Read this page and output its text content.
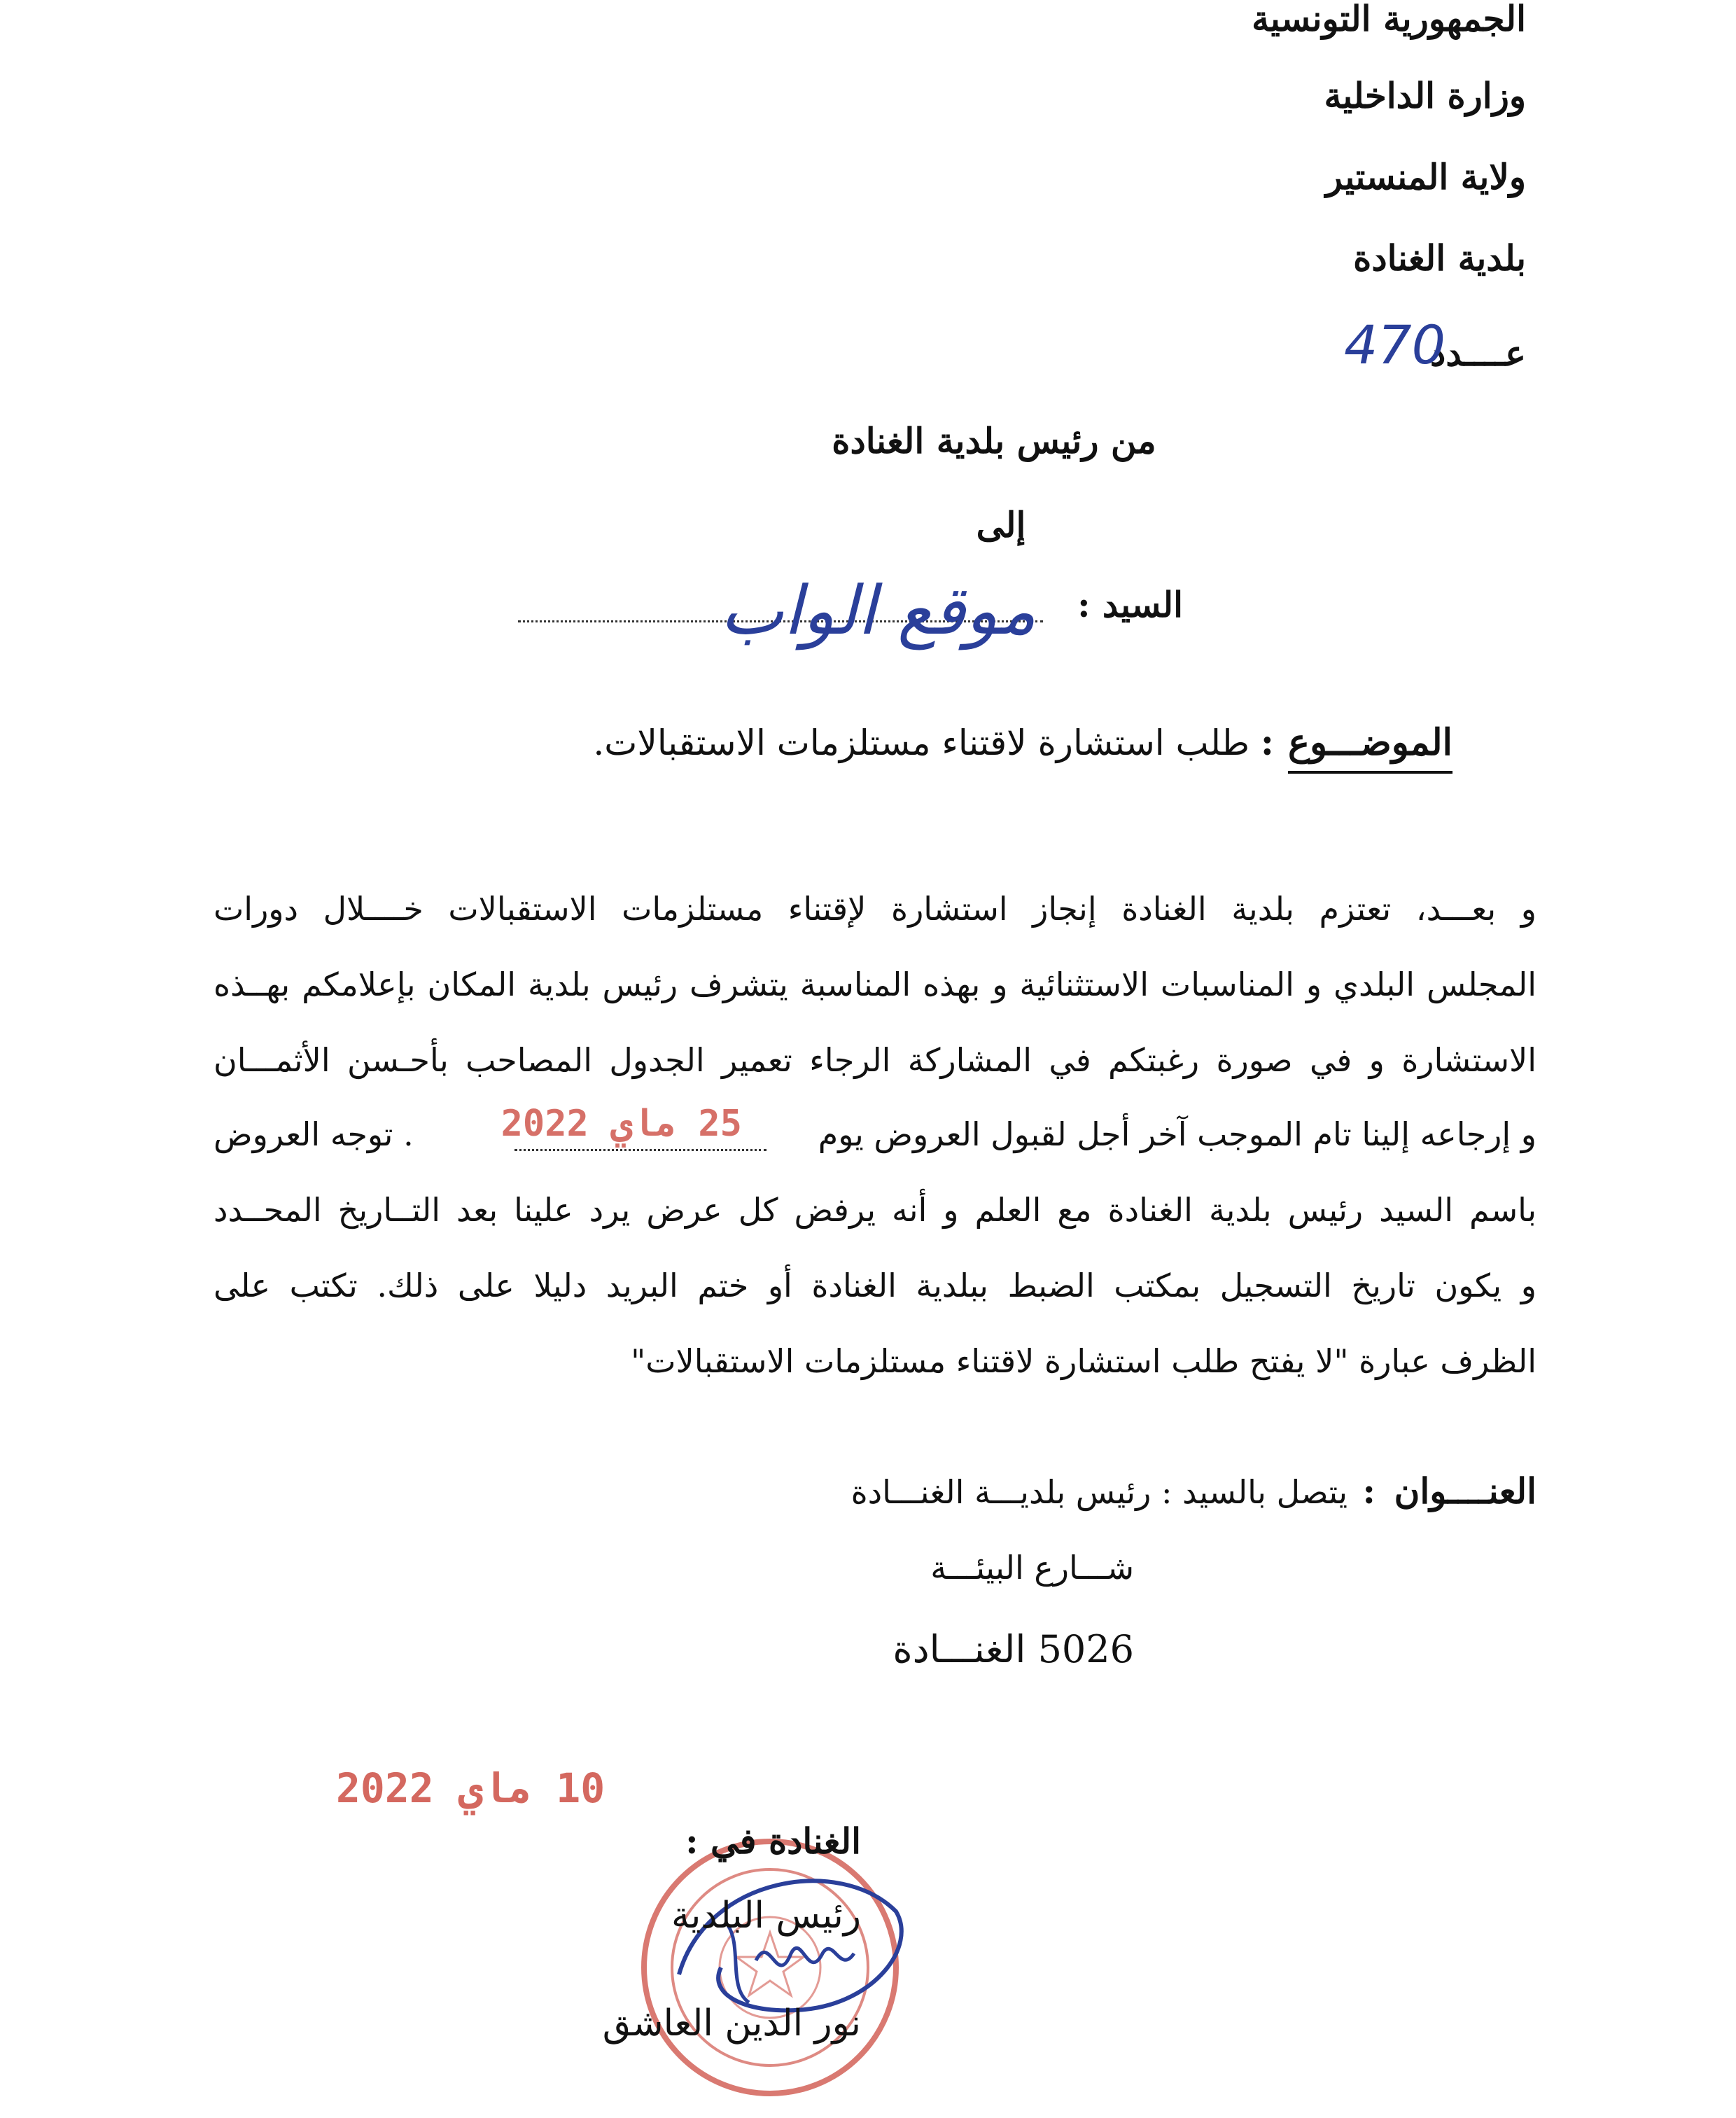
الجمهورية التونسية
وزارة الداخلية
ولاية المنستير
بلدية الغنادة
عــــدد
470
من رئيس بلدية الغنادة
إلى
السيد :
موقع الواب
الموضـــوع
:
طلب استشارة لاقتناء مستلزمات الاستقبالات.
و بعـــد، تعتزم بلدية الغنادة إنجاز استشارة لإقتناء مستلزمات الاستقبالات خــــلال دورات
المجلس البلدي و المناسبات الاستثنائية و بهذه المناسبة يتشرف رئيس بلدية المكان بإعلامكم بهــذه
الاستشارة و في صورة رغبتكم في المشاركة الرجاء تعمير الجدول المصاحب بأحـسن الأثمـــان
و إرجاعه إلينا تام الموجب آخر أجل لقبول العروض يوم
25 ماي 2022
. توجه العروض
باسم السيد رئيس بلدية الغنادة مع العلم و أنه يرفض كل عرض يرد علينا بعد التــاريخ المحــدد
و يكون تاريخ التسجيل بمكتب الضبط ببلدية الغنادة أو ختم البريد دليلا على ذلك. تكتب على
الظرف عبارة "لا يفتح طلب استشارة لاقتناء مستلزمات الاستقبالات"
العنــــوان
:
يتصل بالسيد : رئيس بلديـــة الغنـــادة
شـــارع البيئـــة
5026 الغنـــادة
10 ماي 2022
الغنادة في :
رئيس البلدية
نور الدين العاشق
